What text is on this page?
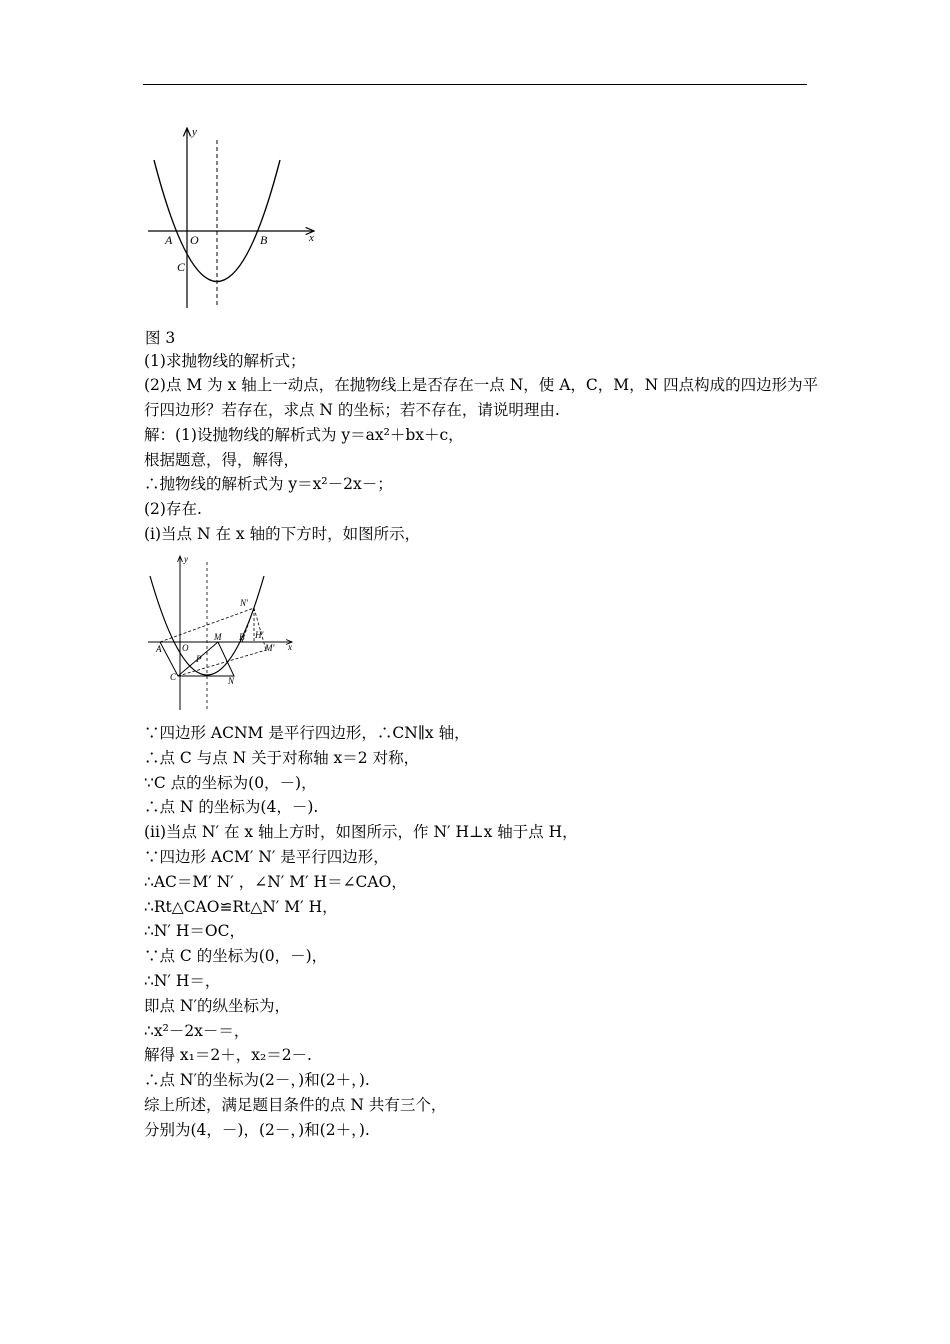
y
x
A O	B
C
图 3
(1)求抛物线的解析式；
(2)点 M 为 x 轴上一动点，在抛物线上是否存在一点 N，使 A，C，M，N 四点构成的四边形为平
行四边形？若存在，求点 N 的坐标；若不存在，请说明理由.
解：(1)设抛物线的解析式为 y＝ax²＋bx＋c，
根据题意，得，解得，
∴抛物线的解析式为 y＝x²－2x－；
(2)存在.
(i)当点 N 在 x 轴的下方时，如图所示，
y
x
N′
H′
M′
A O
M B
P
C	N
∵四边形 ACNM 是平行四边形，∴CN∥x 轴，
∴点 C 与点 N 关于对称轴 x＝2 对称，
∵C 点的坐标为(0，－)，
∴点 N 的坐标为(4，－).
(ii)当点 N′ 在 x 轴上方时，如图所示，作 N′ H⊥x 轴于点 H，
∵四边形 ACM′ N′ 是平行四边形，
∴AC＝M′ N′ ，∠N′ M′ H＝∠CAO，
∴Rt△CAO≌Rt△N′ M′ H，
∴N′ H＝OC，
∵点 C 的坐标为(0，－)，
∴N′ H＝，
即点 N′的纵坐标为，
∴x²－2x－＝，
解得 x₁＝2＋，x₂＝2－.
∴点 N′的坐标为(2－，)和(2＋，).
综上所述，满足题目条件的点 N 共有三个，
分别为(4，－)，(2－，)和(2＋，).
